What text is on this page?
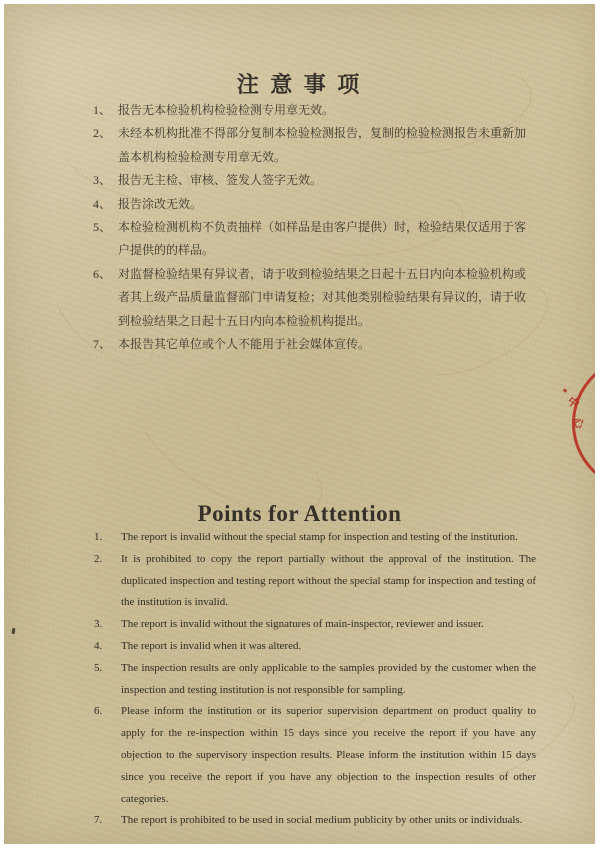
注 意 事 项
1、 报告无本检验机构检验检测专用章无效。
2、 未经本机构批准不得部分复制本检验检测报告，复制的检验检测报告未重新加盖本机构检验检测专用章无效。
3、 报告无主检、审核、签发人签字无效。
4、 报告涂改无效。
5、 本检验检测机构不负责抽样（如样品是由客户提供）时，检验结果仅适用于客户提供的的样品。
6、 对监督检验结果有异议者，请于收到检验结果之日起十五日内向本检验机构或者其上级产品质量监督部门申请复检；对其他类别检验结果有异议的，请于收到检验结果之日起十五日内向本检验机构提出。
7、 本报告其它单位或个人不能用于社会媒体宣传。
Points for Attention
1.	The report is invalid without the special stamp for inspection and testing of the institution.
2.	It is prohibited to copy the report partially without the approval of the institution. The duplicated inspection and testing report without the special stamp for inspection and testing of the institution is invalid.
3.	The report is invalid without the signatures of main-inspector, reviewer and issuer.
4.	The report is invalid when it was altered.
5.	The inspection results are only applicable to the samples provided by the customer when the inspection and testing institution is not responsible for sampling.
6.	Please inform the institution or its superior supervision department on product quality to apply for the re-inspection within 15 days since you receive the report if you have any objection to the supervisory inspection results. Please inform the institution within 15 days since you receive the report if you have any objection to the inspection results of other categories.
7.	The report is prohibited to be used in social medium publicity by other units or individuals.
中
心
